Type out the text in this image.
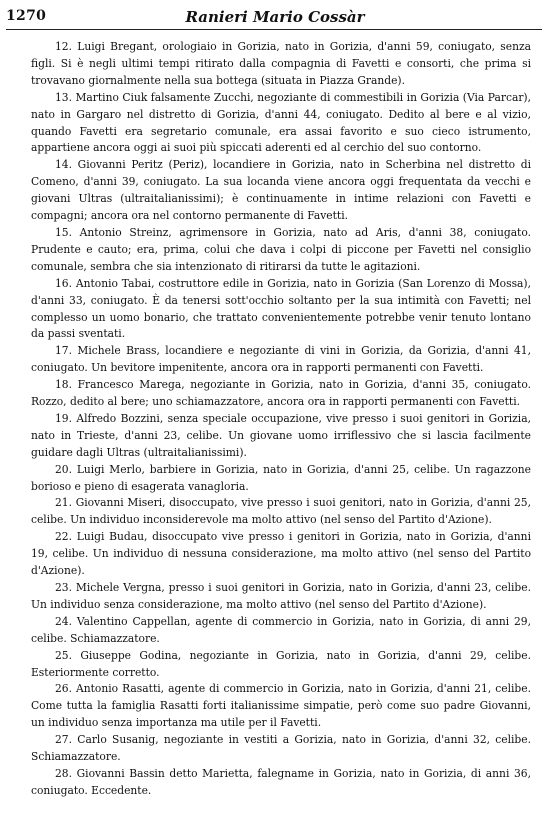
1270	Ranieri Mario Cossàr

12. Luigi Bregant, orologiaio in Gorizia, nato in Gorizia, d'anni 59, coniugato, senza figli. Si è negli ultimi tempi ritirato dalla compagnia di Favetti e consorti, che prima si trovavano giornalmente nella sua bottega (situata in Piazza Grande).

13. Martino Ciuk falsamente Zucchi, negoziante di commestibili in Gorizia (Via Parcar), nato in Gargaro nel distretto di Gorizia, d'anni 44, coniugato. Dedito al bere e al vizio, quando Favetti era segretario comunale, era assai favorito e suo cieco istrumento, appartiene ancora oggi ai suoi più spiccati aderenti ed al cerchio del suo contorno.

14. Giovanni Peritz (Periz), locandiere in Gorizia, nato in Scherbina nel distretto di Comeno, d'anni 39, coniugato. La sua locanda viene ancora oggi frequentata da vecchi e giovani Ultras (ultraitalianissimi); è continuamente in intime relazioni con Favetti e compagni; ancora ora nel contorno permanente di Favetti.

15. Antonio Streinz, agrimensore in Gorizia, nato ad Aris, d'anni 38, coniugato. Prudente e cauto; era, prima, colui che dava i colpi di piccone per Favetti nel consiglio comunale, sembra che sia intenzionato di ritirarsi da tutte le agitazioni.

16. Antonio Tabai, costruttore edile in Gorizia, nato in Gorizia (San Lorenzo di Mossa), d'anni 33, coniugato. È da tenersi sott'occhio soltanto per la sua intimità con Favetti; nel complesso un uomo bonario, che trattato convenientemente potrebbe venir tenuto lontano da passi sventati.

17. Michele Brass, locandiere e negoziante di vini in Gorizia, da Gorizia, d'anni 41, coniugato. Un bevitore impenitente, ancora ora in rapporti permanenti con Favetti.

18. Francesco Marega, negoziante in Gorizia, nato in Gorizia, d'anni 35, coniugato. Rozzo, dedito al bere; uno schiamazzatore, ancora ora in rapporti permanenti con Favetti.

19. Alfredo Bozzini, senza speciale occupazione, vive presso i suoi genitori in Gorizia, nato in Trieste, d'anni 23, celibe. Un giovane uomo irriflessivo che si lascia facilmente guidare dagli Ultras (ultraitalianissimi).

20. Luigi Merlo, barbiere in Gorizia, nato in Gorizia, d'anni 25, celibe. Un ragazzone borioso e pieno di esagerata vanagloria.

21. Giovanni Miseri, disoccupato, vive presso i suoi genitori, nato in Gorizia, d'anni 25, celibe. Un individuo inconsiderevole ma molto attivo (nel senso del Partito d'Azione).

22. Luigi Budau, disoccupato vive presso i genitori in Gorizia, nato in Gorizia, d'anni 19, celibe. Un individuo di nessuna considerazione, ma molto attivo (nel senso del Partito d'Azione).

23. Michele Vergna, presso i suoi genitori in Gorizia, nato in Gorizia, d'anni 23, celibe. Un individuo senza considerazione, ma molto attivo (nel senso del Partito d'Azione).

24. Valentino Cappellan, agente di commercio in Gorizia, nato in Gorizia, di anni 29, celibe. Schiamazzatore.

25. Giuseppe Godina, negoziante in Gorizia, nato in Gorizia, d'anni 29, celibe. Esteriormente corretto.

26. Antonio Rasatti, agente di commercio in Gorizia, nato in Gorizia, d'anni 21, celibe. Come tutta la famiglia Rasatti forti italianissime simpatie, però come suo padre Giovanni, un individuo senza importanza ma utile per il Favetti.

27. Carlo Susanig, negoziante in vestiti a Gorizia, nato in Gorizia, d'anni 32, celibe. Schiamazzatore.

28. Giovanni Bassin detto Marietta, falegname in Gorizia, nato in Gorizia, di anni 36, coniugato. Eccedente.
